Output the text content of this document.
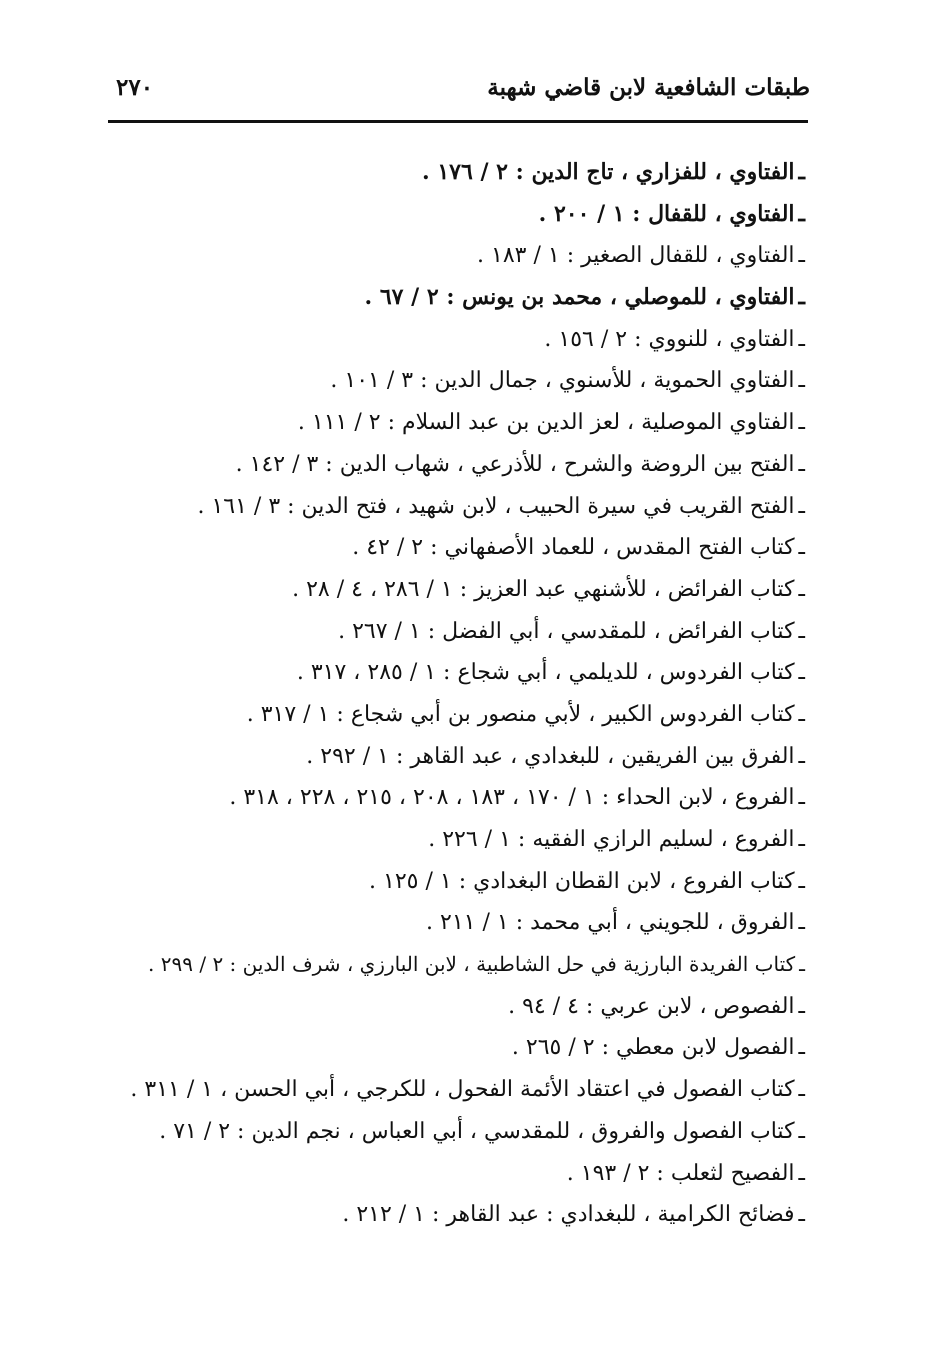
طبقات الشافعية لابن قاضي شهبة
٢٧٠
ـالفتاوي ، للفزاري ، تاج الدين : ٢ / ١٧٦ .
ـالفتاوي ، للقفال : ١ / ٢٠٠ .
ـالفتاوي ، للقفال الصغير : ١ / ١٨٣ .
ـالفتاوي ، للموصلي ، محمد بن يونس : ٢ / ٦٧ .
ـالفتاوي ، للنووي : ٢ / ١٥٦ .
ـالفتاوي الحموية ، للأسنوي ، جمال الدين : ٣ / ١٠١ .
ـالفتاوي الموصلية ، لعز الدين بن عبد السلام : ٢ / ١١١ .
ـالفتح بين الروضة والشرح ، للأذرعي ، شهاب الدين : ٣ / ١٤٢ .
ـالفتح القريب في سيرة الحبيب ، لابن شهيد ، فتح الدين : ٣ / ١٦١ .
ـكتاب الفتح المقدس ، للعماد الأصفهاني : ٢ / ٤٢ .
ـكتاب الفرائض ، للأشنهي عبد العزيز : ١ / ٢٨٦ ، ٤ / ٢٨ .
ـكتاب الفرائض ، للمقدسي ، أبي الفضل : ١ / ٢٦٧ .
ـكتاب الفردوس ، للديلمي ، أبي شجاع : ١ / ٢٨٥ ، ٣١٧ .
ـكتاب الفردوس الكبير ، لأبي منصور بن أبي شجاع : ١ / ٣١٧ .
ـالفرق بين الفريقين ، للبغدادي ، عبد القاهر : ١ / ٢٩٢ .
ـالفروع ، لابن الحداء : ١ / ١٧٠ ، ١٨٣ ، ٢٠٨ ، ٢١٥ ، ٢٢٨ ، ٣١٨ .
ـالفروع ، لسليم الرازي الفقيه : ١ / ٢٢٦ .
ـكتاب الفروع ، لابن القطان البغدادي : ١ / ١٢٥ .
ـالفروق ، للجويني ، أبي محمد : ١ / ٢١١ .
ـكتاب الفريدة البارزية في حل الشاطبية ، لابن البارزي ، شرف الدين : ٢ / ٢٩٩ .
ـالفصوص ، لابن عربي : ٤ / ٩٤ .
ـالفصول لابن معطي : ٢ / ٢٦٥ .
ـكتاب الفصول في اعتقاد الأئمة الفحول ، للكرجي ، أبي الحسن ، ١ / ٣١١ .
ـكتاب الفصول والفروق ، للمقدسي ، أبي العباس ، نجم الدين : ٢ / ٧١ .
ـالفصيح لثعلب : ٢ / ١٩٣ .
ـفضائح الكرامية ، للبغدادي : عبد القاهر : ١ / ٢١٢ .
